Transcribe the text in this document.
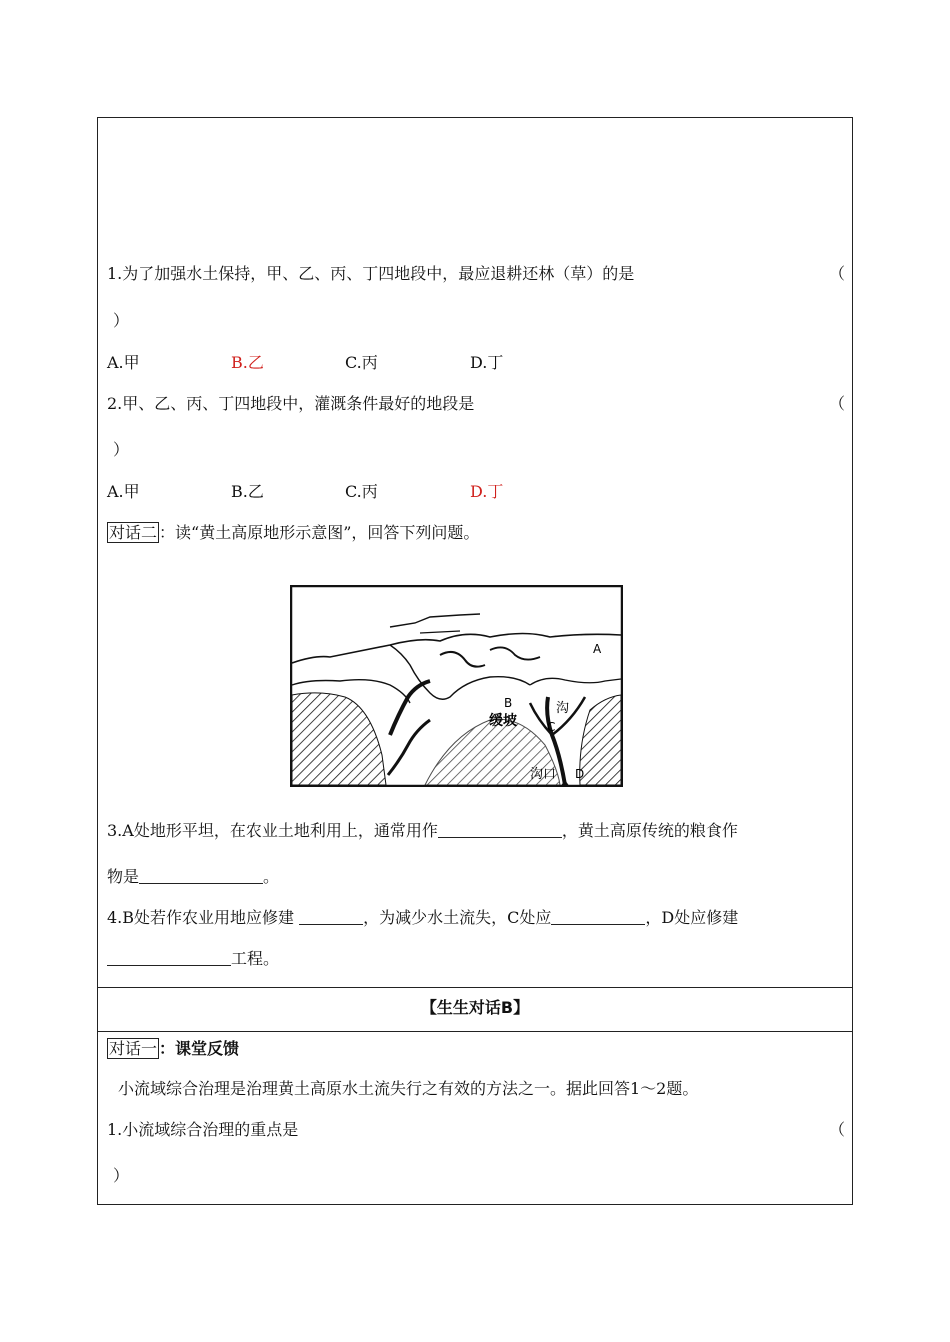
1.为了加强水土保持，甲、乙、丙、丁四地段中，最应退耕还林（草）的是	（
）
A.甲	B.乙	C.丙	D.丁
2.甲、乙、丙、丁四地段中，灌溉条件最好的地段是	（
）
A.甲	B.乙	C.丙	D.丁
对话二 ：读“黄土高原地形示意图”，回答下列问题。
A
B
缓坡	C
沟
沟口 D
3.A处地形平坦，在农业土地利用上，通常用作	，黄土高原传统的粮食作
物是	。
4.B处若作农业用地应修建	，为减少水土流失，C处应	，D处应修建
工程。
【生生对话B】
对话一 ：课堂反馈
小流域综合治理是治理黄土高原水土流失行之有效的方法之一。据此回答1～2题。
1.小流域综合治理的重点是	（
）
